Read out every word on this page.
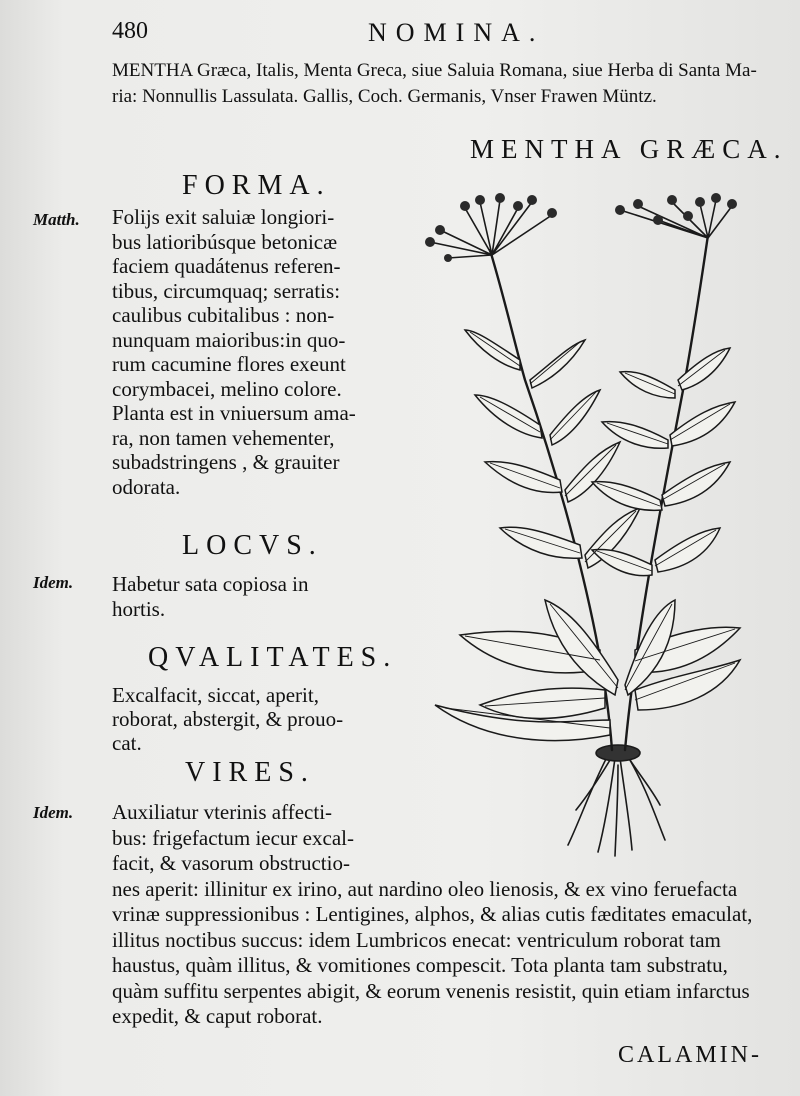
480	NOMINA.
MENTHA Græca, Italis, Menta Greca, siue Saluia Romana, siue Herba di Santa Ma-
ria: Nonnullis Lassulata. Gallis, Coch. Germanis, Vnser Frawen Müntz.
MENTHA GRÆCA.
FORMA.
Matth. Folijs exit saluiæ longiori-
bus latioribúsque betonicæ
faciem quadátenus referen-
tibus, circumquaq; serratis:
caulibus cubitalibus : non-
nunquam maioribus:in quo-
rum cacumine flores exeunt
corymbacei, melino colore.
Planta est in vniuersum ama-
ra, non tamen vehementer,
subadstringens , & grauiter
odorata.
LOCVS.
Idem. Habetur sata copiosa in
hortis.
QVALITATES.
Excalfacit, siccat, aperit,
roborat, abstergit, & prouo-
cat.
VIRES.
Idem. Auxiliatur vterinis affecti-
bus: frigefactum iecur excal-
facit, & vasorum obstructio-
nes aperit: illinitur ex irino, aut nardino oleo lienosis, & ex vino feruefacta
vrinæ suppressionibus : Lentigines, alphos, & alias cutis fæditates emaculat,
illitus noctibus succus: idem Lumbricos enecat: ventriculum roborat tam
haustus, quàm illitus, & vomitiones compescit. Tota planta tam substratu,
quàm suffitu serpentes abigit, & eorum venenis resistit, quin etiam infarctus
expedit, & caput roborat.
CALAMIN-
